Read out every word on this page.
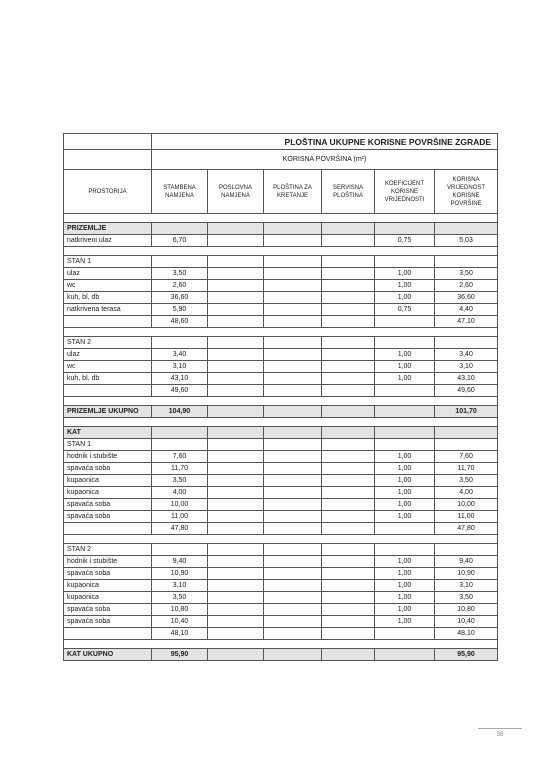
	PLOŠTINA UKUPNE KORISNE POVRŠINE ZGRADE					
	KORISNA POVRŠINA (m²)					
PROSTORIJA	STAMBENA NAMJENA	POSLOVNA NAMJENA	PLOŠTINA ZA KRETANJE	SERVISNA PLOŠTINA	KOEFICIJENT KORISNE VRIJEDNOSTI	KORISNA VRIJEDNOST KORISNE POVRŠINE

PRIZEMLJE						
natkriveni ulaz	6,70				0,75	5,03

STAN 1						
ulaz	3,50				1,00	3,50
wc	2,60				1,00	2,60
kuh, bl, db	36,60				1,00	36,60
natkrivena terasa	5,90				0,75	4,40
	48,60					47,10

STAN 2						
ulaz	3,40				1,00	3,40
wc	3,10				1,00	3,10
kuh, bl, db	43,10				1,00	43,10
	49,60					49,60

PRIZEMLJE UKUPNO	104,90					101,70

KAT						
STAN 1						
hodnik i stubište	7,60				1,00	7,60
spavaća soba	11,70				1,00	11,70
kupaonica	3,50				1,00	3,50
kupaonica	4,00				1,00	4,00
spavaća soba	10,00				1,00	10,00
spavaća soba	11,00				1,00	11,00
	47,80					47,80

STAN 2						
hodnik i stubište	9,40				1,00	9,40
spavaća soba	10,90				1,00	10,90
kupaonica	3,10				1,00	3,10
kupaonica	3,50				1,00	3,50
spavaća soba	10,80				1,00	10,80
spavaća soba	10,40				1,00	10,40
	48,10					48,10

KAT UKUPNO	95,90					95,90
36
